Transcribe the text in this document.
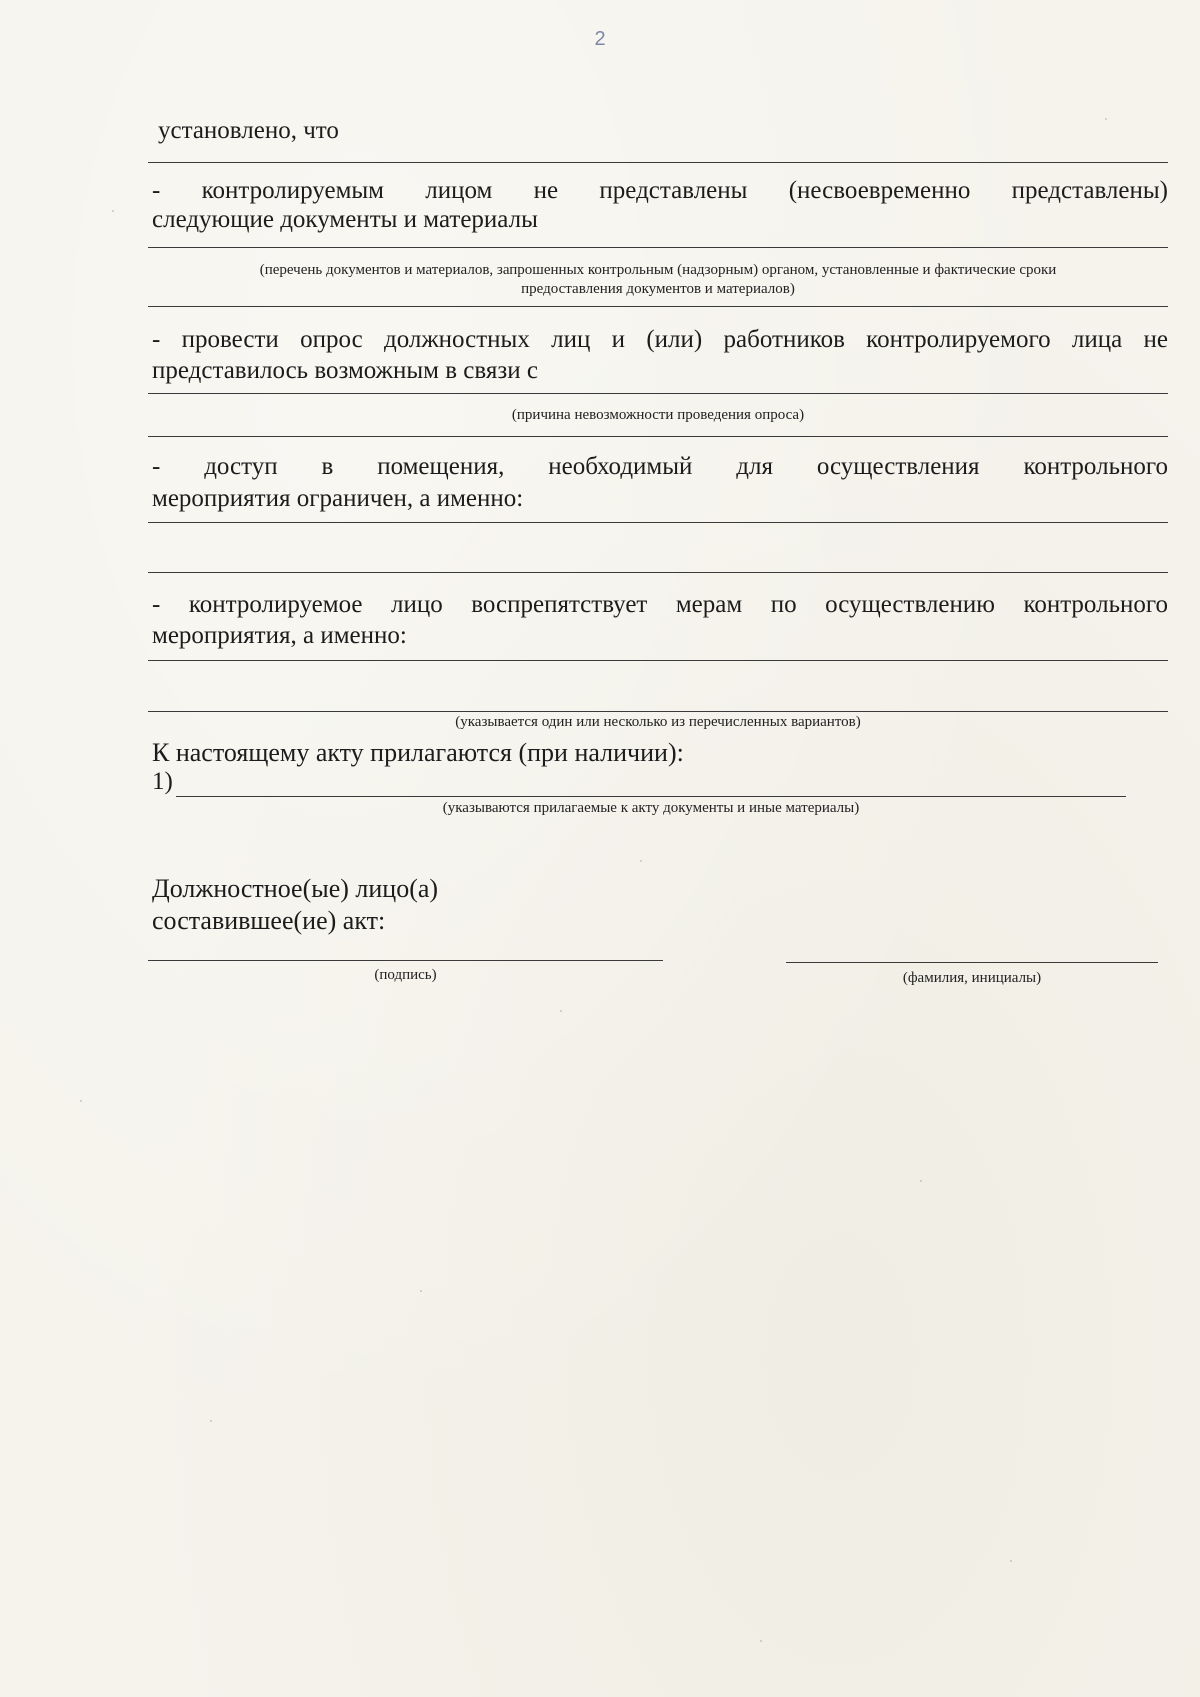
2
установлено, что
- контролируемым лицом не представлены (несвоевременно представлены)
следующие документы и материалы
(перечень документов и материалов, запрошенных контрольным (надзорным) органом, установленные и фактические сроки
предоставления документов и материалов)
- провести опрос должностных лиц и (или) работников контролируемого лица не
представилось возможным в связи с
(причина невозможности проведения опроса)
- доступ в помещения, необходимый для осуществления контрольного
мероприятия ограничен, а именно:
- контролируемое лицо воспрепятствует мерам по осуществлению контрольного
мероприятия, а именно:
(указывается один или несколько из перечисленных вариантов)
К настоящему акту прилагаются (при наличии):
1)
(указываются прилагаемые к акту документы и иные материалы)
Должностное(ые) лицо(а)
составившее(ие) акт:
(подпись)	(фамилия, инициалы)
